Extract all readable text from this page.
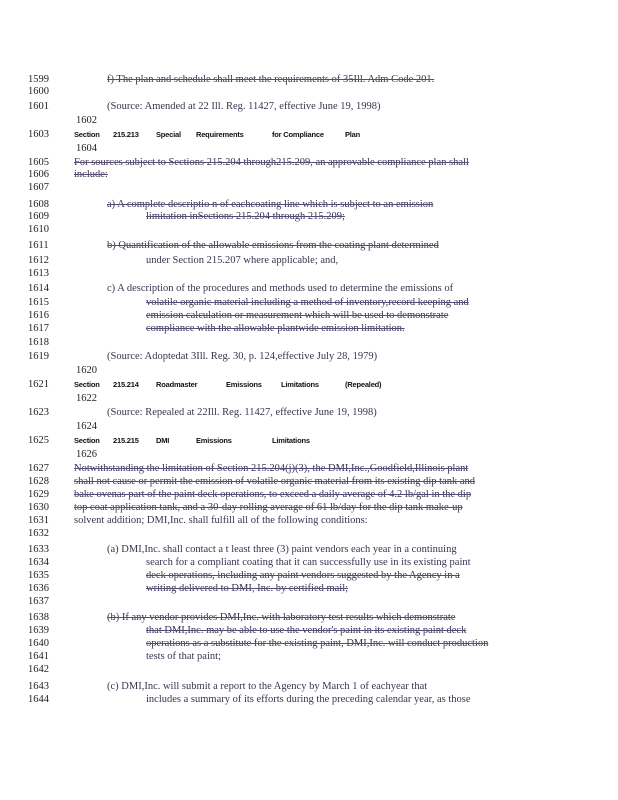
1599	f) The plan and schedule shall meet the requirements of 35Ill. Adm Code 201.
1600
1601	(Source: Amended at 22 Ill. Reg. 11427, effective June 19, 1998)
1603
1605	For sources subject to Sections 215.204 through215.209, an approvable compliance plan shall
1606	include:
1607
1608	a) A complete descriptio n of eachcoating line which is subject to an emission
1609	limitation inSections 215.204 through 215.209;
1610
1611	b) Quantification of the allowable emissions from the coating plant determined
1612	under Section 215.207 where applicable; and,
1613
1614	c) A description of the procedures and methods used to determine the emissions of
1615	volatile organic material including a method of inventory,record keeping and
1616	emission calculation or measurement which will be used to demonstrate
1617	compliance with the allowable plantwide emission limitation.
1618
1619	(Source: Adoptedat 3Ill. Reg. 30, p. 124,effective July 28, 1979)
1621
1623	(Source: Repealed at 22Ill. Reg. 11427, effective June 19, 1998)
1625
1627	Notwithstanding the limitation of Section 215.204(j)(3), the DMI,Inc.,Goodfield,Illinois plant
1628	shall not cause or permit the emission of volatile organic material from its existing dip tank and
1629	bake ovenas part of the paint deck operations, to exceed a daily average of 4.2 lb/gal in the dip
1630	top coat application tank, and a 30-day rolling average of 61 lb/day for the dip tank make-up
1631	solvent addition; DMI,Inc. shall fulfill all of the following conditions:
1632
1633	(a) DMI,Inc. shall contact a t least three (3) paint vendors each year in a continuing
1634	search for a compliant coating that it can successfully use in its existing paint
1635	deck operations, including any paint vendors suggested by the Agency in a
1636	writing delivered to DMI, Inc. by certified mail;
1637
1638	(b) If any vendor provides DMI,Inc. with laboratory test results which demonstrate
1639	that DMI,Inc. may be able to use the vendor's paint in its existing paint deck
1640	operations as a substitute for the existing paint, DMI,Inc. will conduct production
1641	tests of that paint;
1642
1643	(c) DMI,Inc. will submit a report to the Agency by March 1 of eachyear that
1644	includes a summary of its efforts during the preceding calendar year, as those
1602
1604
1620
1622
1624
1626
Section 215.213 Special Requirements	for Compliance	Plan
Section 215.214 Roadmaster	Emissions	Limitations	(Repealed)
Section 215.215 DMI	Emissions	Limitations
